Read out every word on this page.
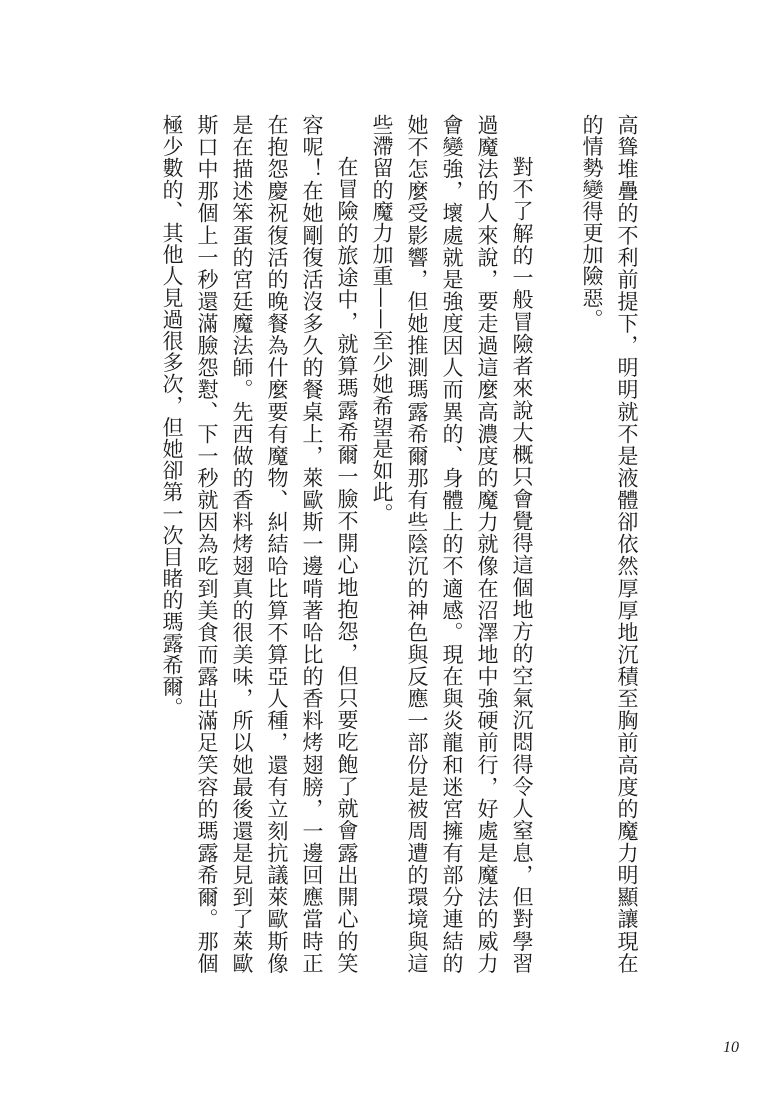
高聳堆疊的不利前提下，明明就不是液體卻依然厚厚地沉積至胸前高度的魔力明顯讓現在的情勢變得更加險惡。

對不了解的一般冒險者來說大概只會覺得這個地方的空氣沉悶得令人窒息，但對學習過魔法的人來說，要走過這麼高濃度的魔力就像在沼澤地中強硬前行，好處是魔法的威力會變強，壞處就是強度因人而異的、身體上的不適感。現在與炎龍和迷宮擁有部分連結的她不怎麼受影響，但她推測瑪露希爾那有些陰沉的神色與反應一部份是被周遭的環境與這些滯留的魔力加重——至少她希望是如此。

在冒險的旅途中，就算瑪露希爾一臉不開心地抱怨，但只要吃飽了就會露出開心的笑容呢！在她剛復活沒多久的餐桌上，萊歐斯一邊啃著哈比的香料烤翅膀，一邊回應當時正在抱怨慶祝復活的晚餐為什麼要有魔物、糾結哈比算不算亞人種，還有立刻抗議萊歐斯像是在描述笨蛋的宮廷魔法師。先西做的香料烤翅真的很美味，所以她最後還是見到了萊歐斯口中那個上一秒還滿臉怨懟、下一秒就因為吃到美食而露出滿足笑容的瑪露希爾。那個極少數的、其他人見過很多次，但她卻第一次目睹的瑪露希爾。

10
